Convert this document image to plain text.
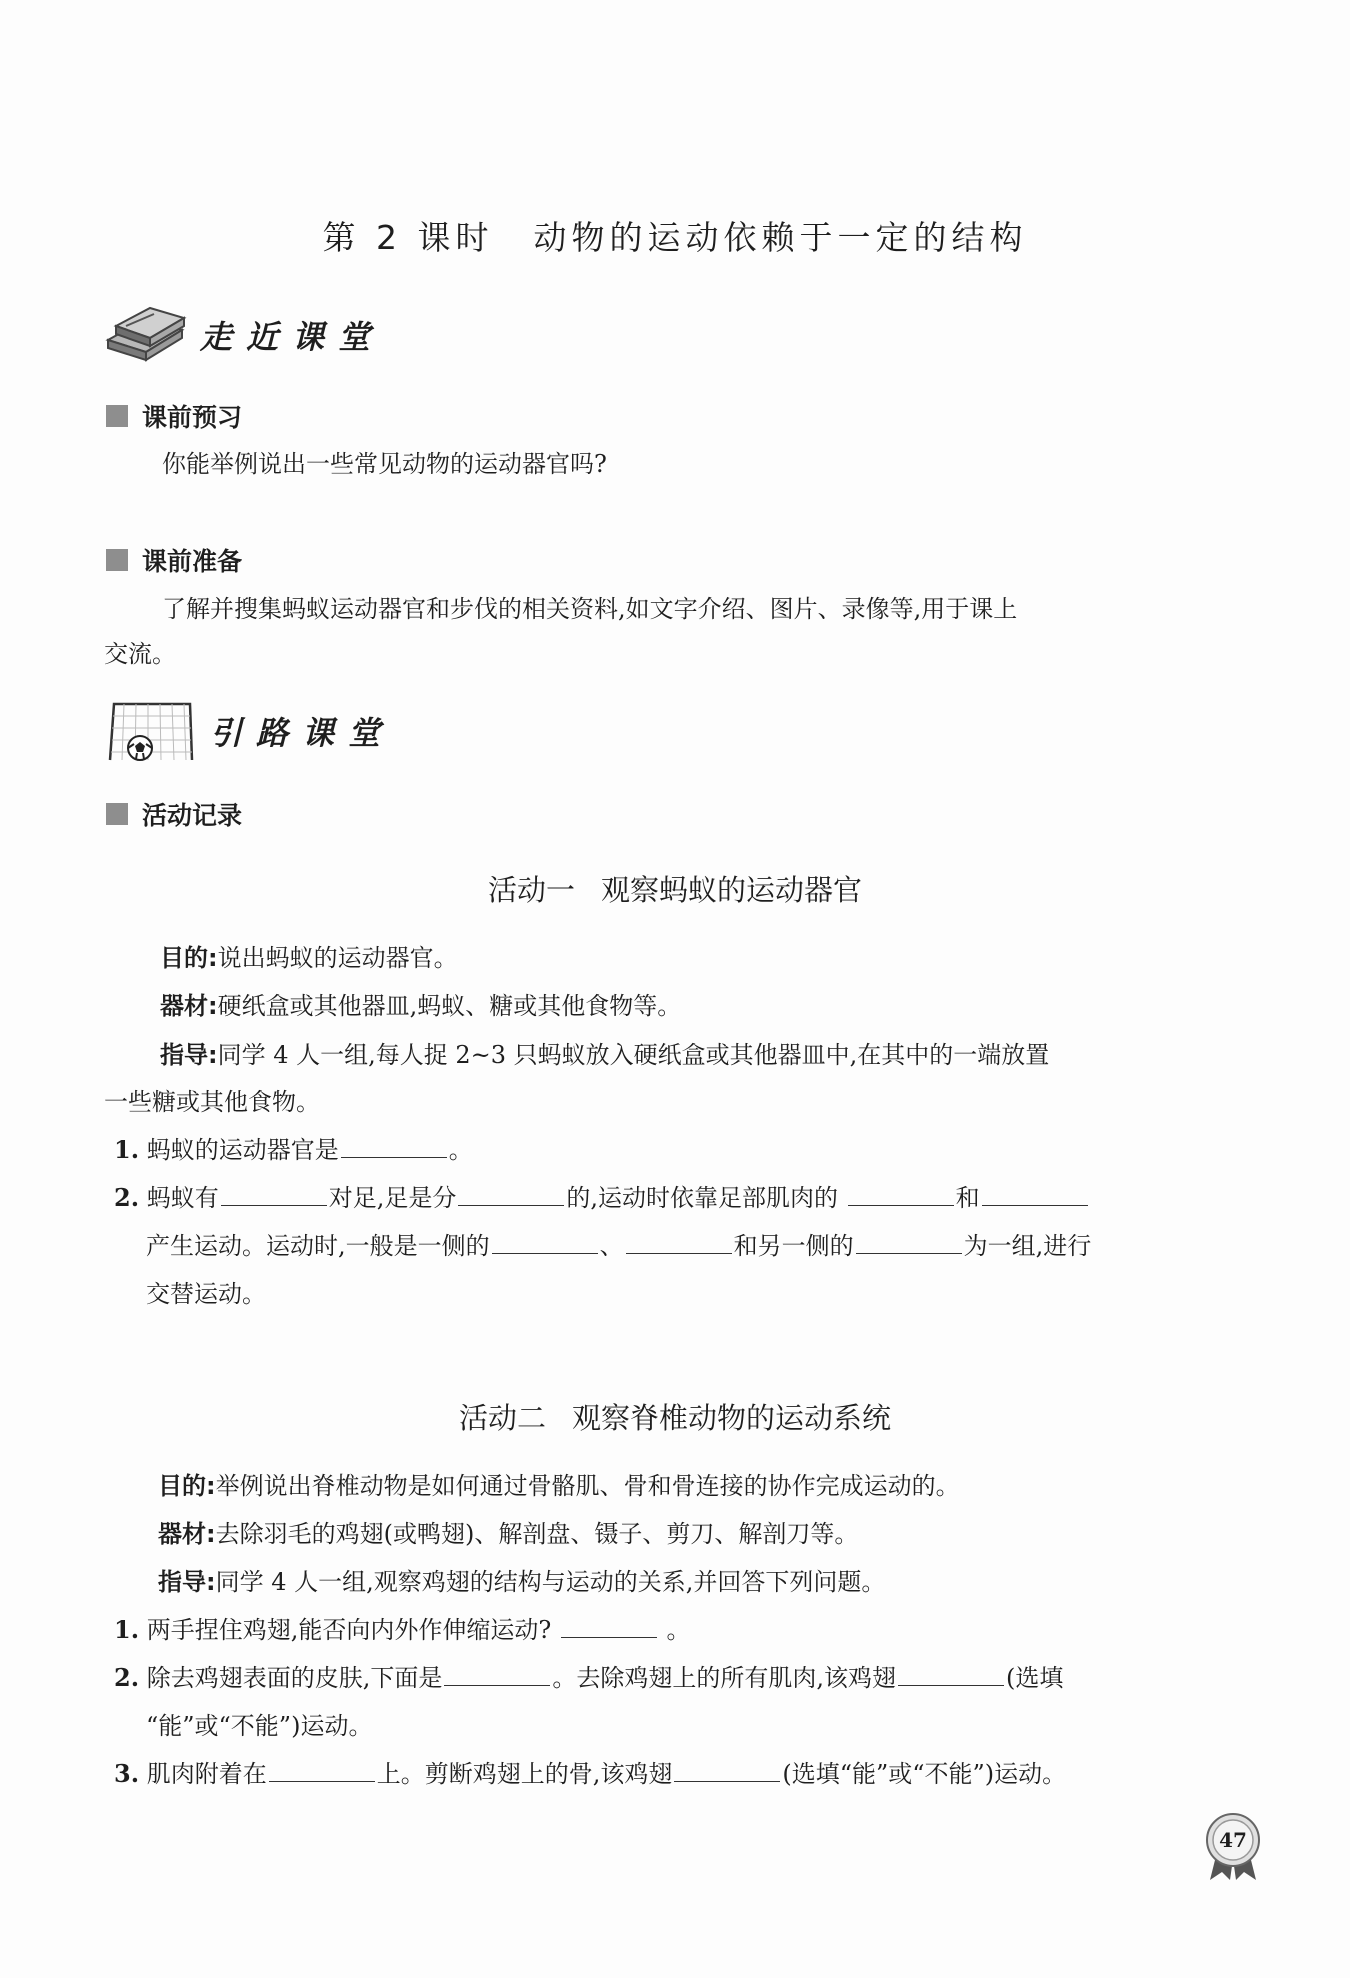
第 2 课时 动物的运动依赖于一定的结构
走近课堂
课前预习
你能举例说出一些常见动物的运动器官吗?
课前准备
了解并搜集蚂蚁运动器官和步伐的相关资料,如文字介绍、图片、录像等,用于课上
交流。
引路课堂
活动记录
活动一 观察蚂蚁的运动器官
目的:说出蚂蚁的运动器官。
器材:硬纸盒或其他器皿,蚂蚁、糖或其他食物等。
指导:同学 4 人一组,每人捉 2~3 只蚂蚁放入硬纸盒或其他器皿中,在其中的一端放置
一些糖或其他食物。
1. 蚂蚁的运动器官是	。
2. 蚂蚁有	对足,足是分	的,运动时依靠足部肌肉的	和
产生运动。运动时,一般是一侧的	、	和另一侧的	为一组,进行
交替运动。
活动二 观察脊椎动物的运动系统
目的:举例说出脊椎动物是如何通过骨骼肌、骨和骨连接的协作完成运动的。
器材:去除羽毛的鸡翅(或鸭翅)、解剖盘、镊子、剪刀、解剖刀等。
指导:同学 4 人一组,观察鸡翅的结构与运动的关系,并回答下列问题。
1. 两手捏住鸡翅,能否向内外作伸缩运动?	。
2. 除去鸡翅表面的皮肤,下面是	。去除鸡翅上的所有肌肉,该鸡翅	(选填
“能”或“不能”)运动。
3. 肌肉附着在	上。剪断鸡翅上的骨,该鸡翅	(选填“能”或“不能”)运动。
47
